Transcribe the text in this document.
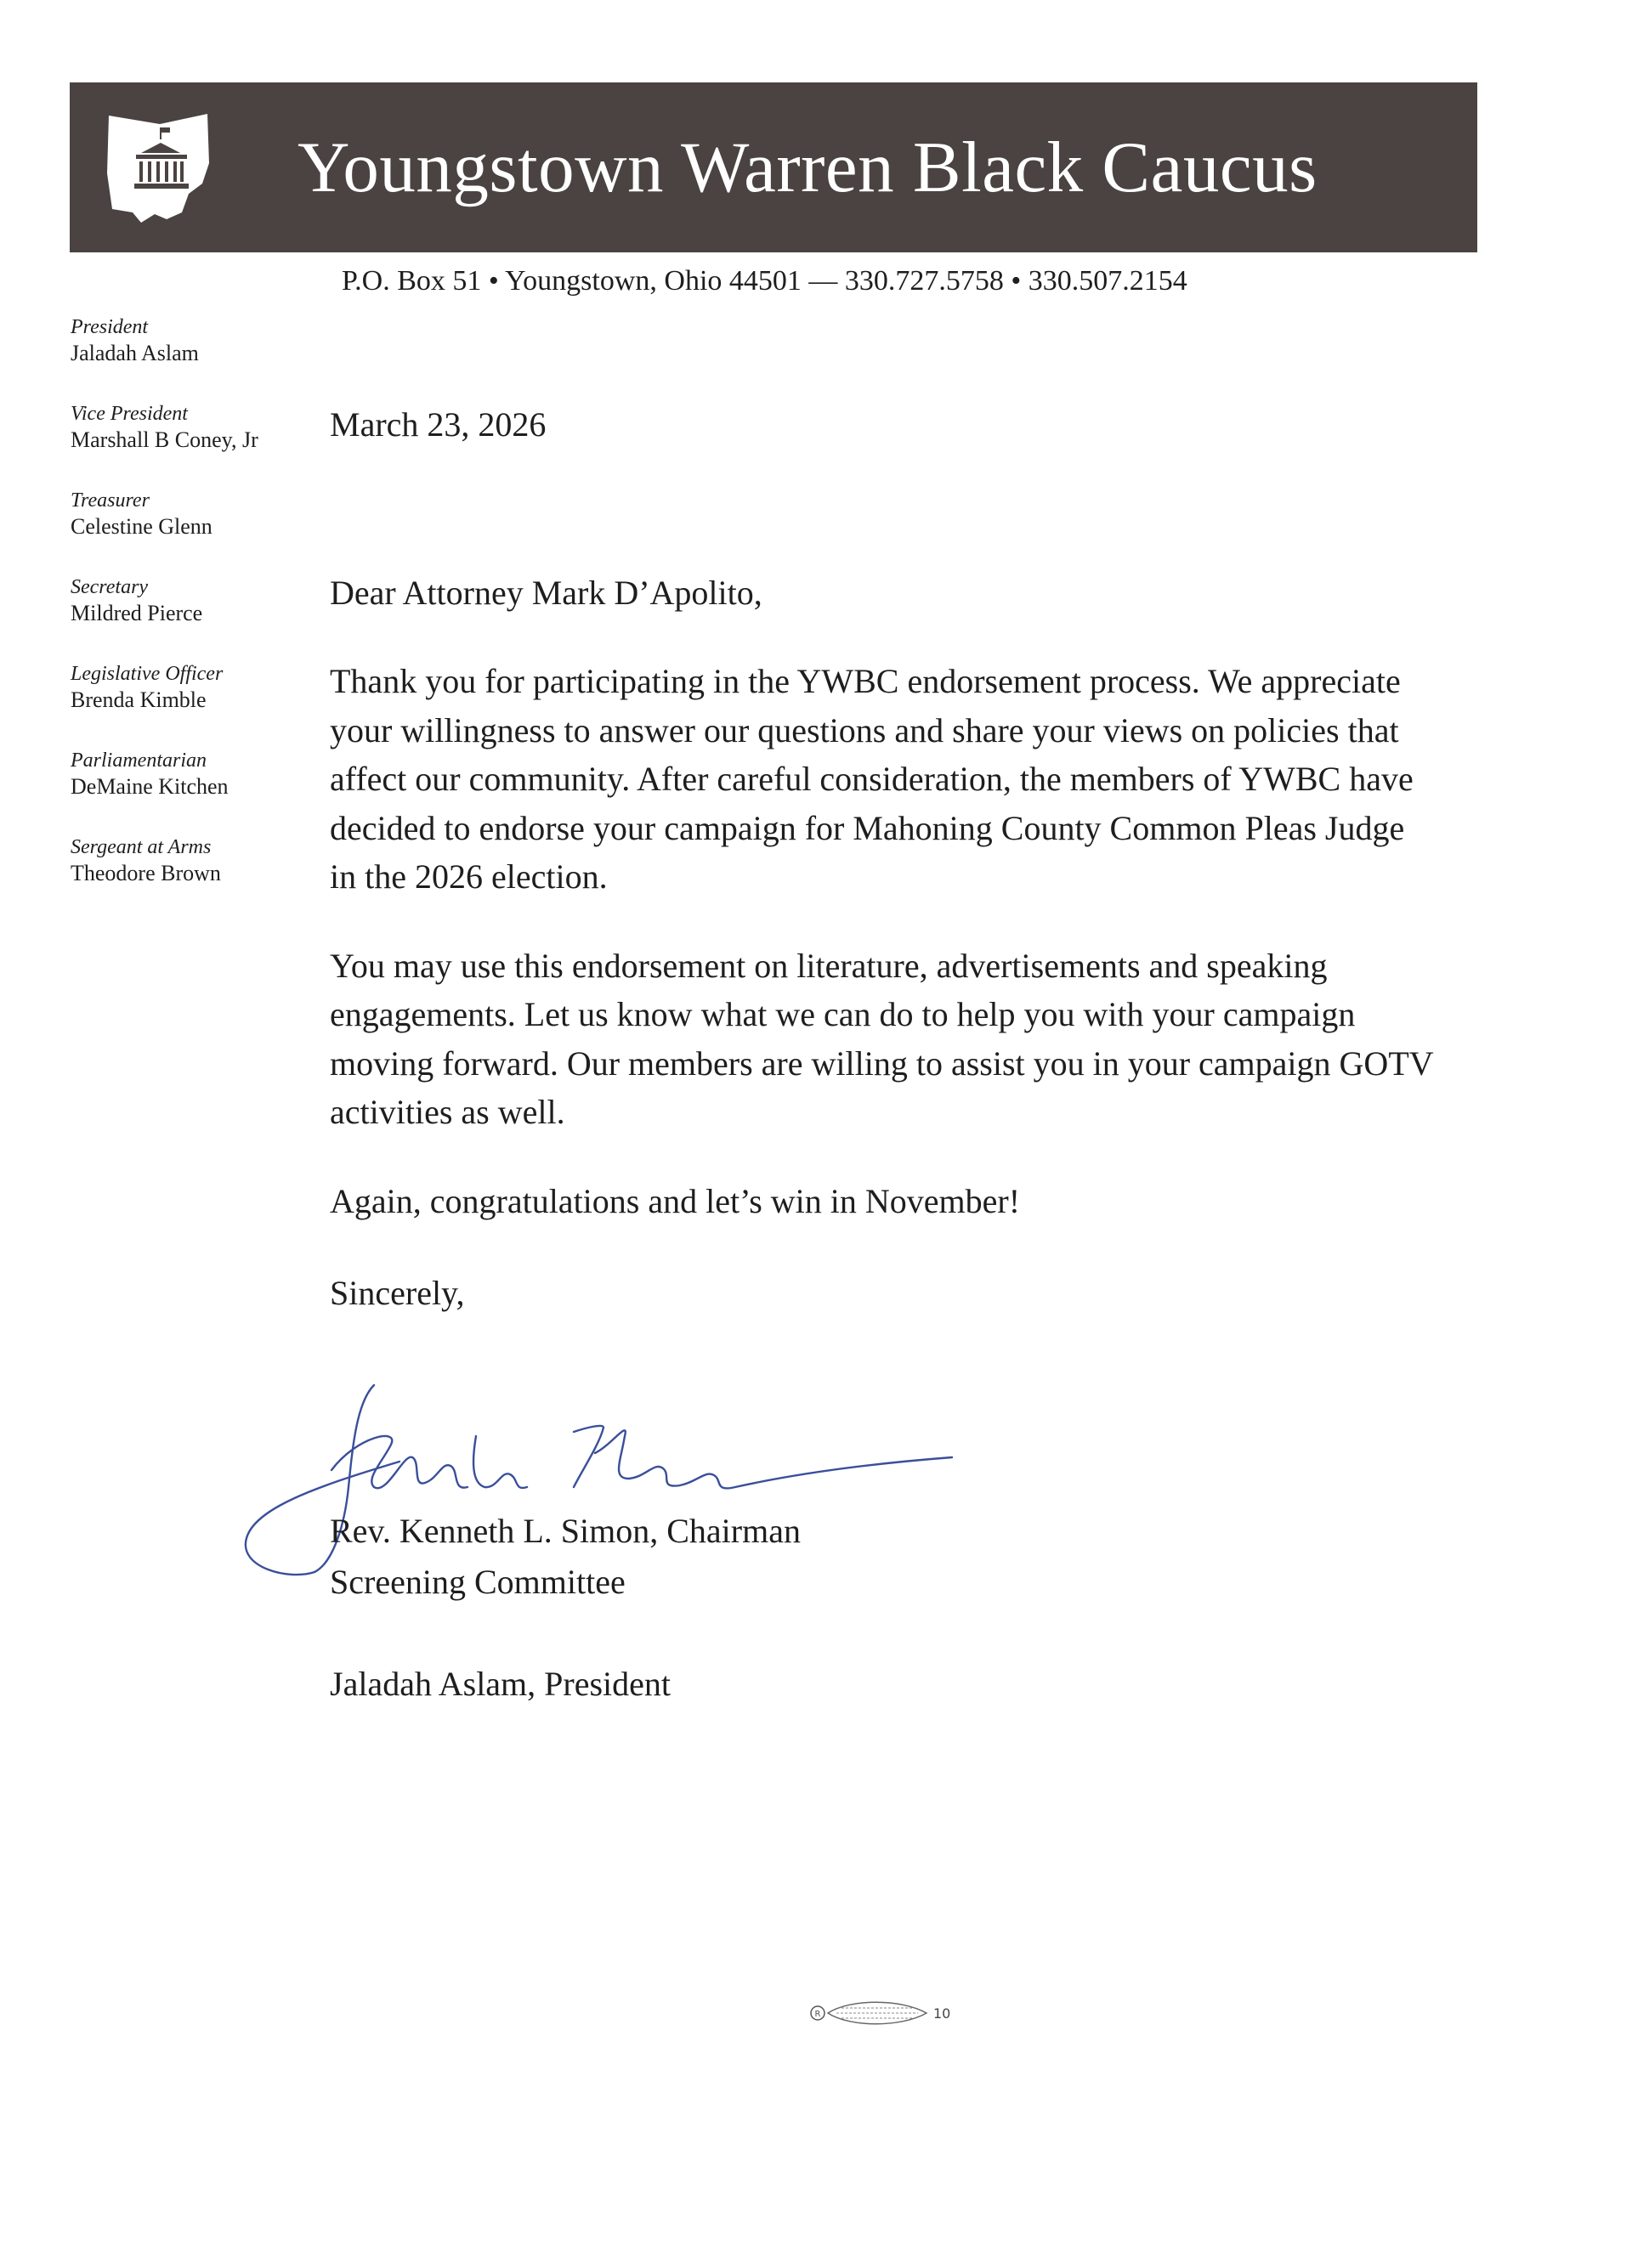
Youngstown Warren Black Caucus
P.O. Box 51 • Youngstown, Ohio 44501 — 330.727.5758 • 330.507.2154
President
Jaladah Aslam
Vice President
Marshall B Coney, Jr
Treasurer
Celestine Glenn
Secretary
Mildred Pierce
Legislative Officer
Brenda Kimble
Parliamentarian
DeMaine Kitchen
Sergeant at Arms
Theodore Brown

March 23, 2026

Dear Attorney Mark D’Apolito,

Thank you for participating in the YWBC endorsement process. We appreciate your willingness to answer our questions and share your views on policies that affect our community. After careful consideration, the members of YWBC have decided to endorse your campaign for Mahoning County Common Pleas Judge in the 2026 election.

You may use this endorsement on literature, advertisements and speaking engagements. Let us know what we can do to help you with your campaign moving forward. Our members are willing to assist you in your campaign GOTV activities as well.

Again, congratulations and let’s win in November!

Sincerely,

Rev. Kenneth L. Simon, Chairman

Screening Committee

Jaladah Aslam, President

R	10
